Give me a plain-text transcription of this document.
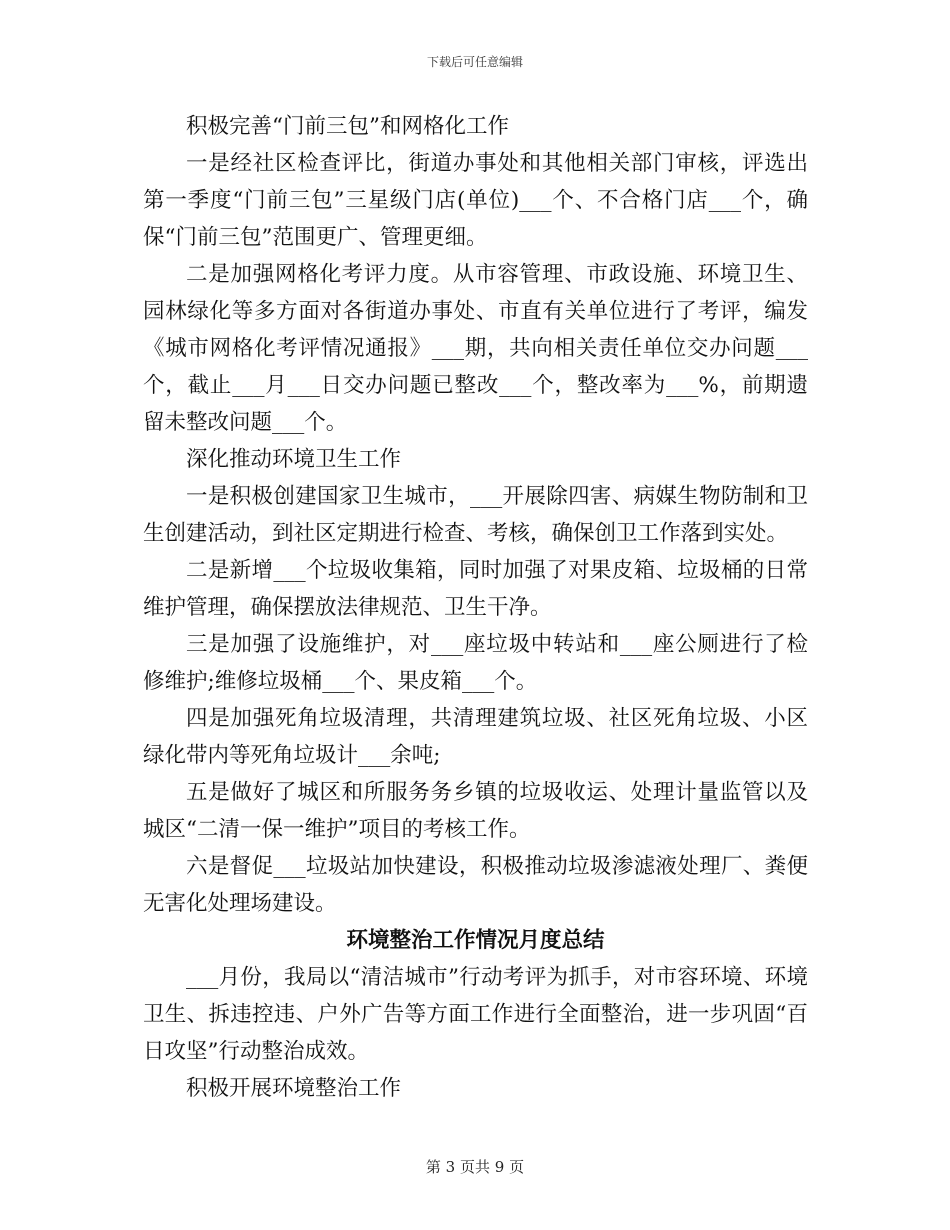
下载后可任意编辑

积极完善“门前三包”和网格化工作

一是经社区检查评比，街道办事处和其他相关部门审核，评选出第一季度“门前三包”三星级门店(单位)___个、不合格门店___个，确保“门前三包”范围更广、管理更细。

二是加强网格化考评力度。从市容管理、市政设施、环境卫生、园林绿化等多方面对各街道办事处、市直有关单位进行了考评，编发《城市网格化考评情况通报》___期，共向相关责任单位交办问题___个，截止___月___日交办问题已整改___个，整改率为___%，前期遗留未整改问题___个。

深化推动环境卫生工作

一是积极创建国家卫生城市，___开展除四害、病媒生物防制和卫生创建活动，到社区定期进行检查、考核，确保创卫工作落到实处。

二是新增___个垃圾收集箱，同时加强了对果皮箱、垃圾桶的日常维护管理，确保摆放法律规范、卫生干净。

三是加强了设施维护，对___座垃圾中转站和___座公厕进行了检修维护;维修垃圾桶___个、果皮箱___个。

四是加强死角垃圾清理，共清理建筑垃圾、社区死角垃圾、小区绿化带内等死角垃圾计___余吨;

五是做好了城区和所服务务乡镇的垃圾收运、处理计量监管以及城区“二清一保一维护”项目的考核工作。

六是督促___垃圾站加快建设，积极推动垃圾渗滤液处理厂、粪便无害化处理场建设。

环境整治工作情况月度总结

___月份，我局以“清洁城市”行动考评为抓手，对市容环境、环境卫生、拆违控违、户外广告等方面工作进行全面整治，进一步巩固“百日攻坚”行动整治成效。

积极开展环境整治工作

第 3 页共 9 页
